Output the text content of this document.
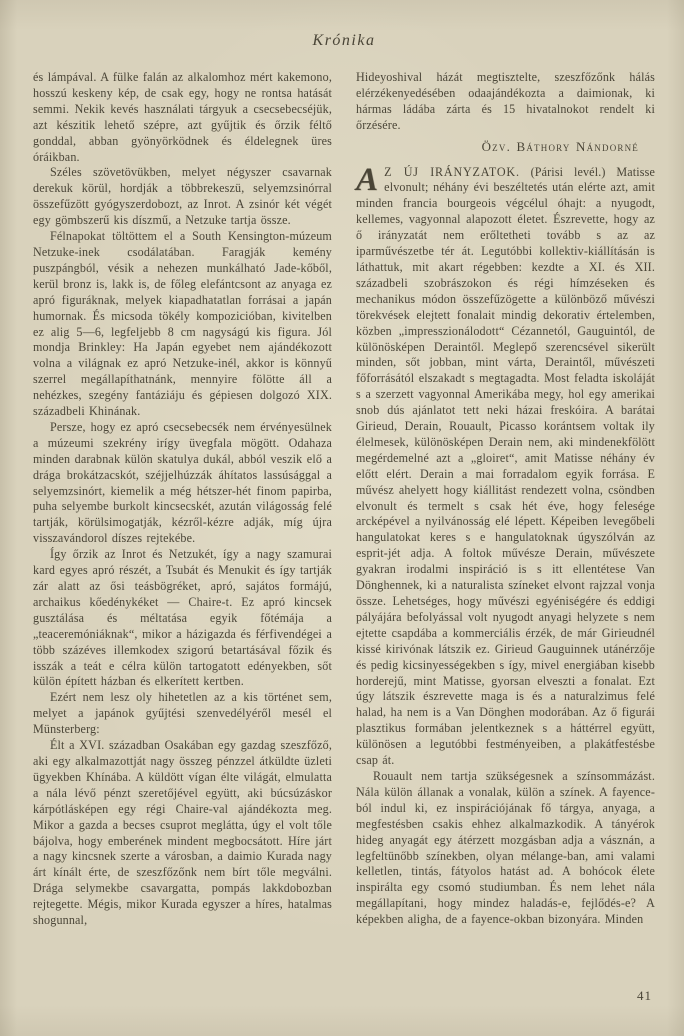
Krónika

és lámpával. A fülke falán az alkalomhoz mért kakemono, hosszú keskeny kép, de csak egy, hogy ne rontsa hatását semmi. Nekik kevés használati tárgyuk a csecsebecséjük, azt készitik lehető szépre, azt gyűjtik és őrzik féltő gonddal, abban gyönyörködnek és éldelegnek üres óráikban.

Széles szövetövükben, melyet négyszer csavarnak derekuk körül, hordják a többrekeszü, selyemzsinórral összefűzött gyógyszerdobozt, az Inrot. A zsinór két végét egy gömbszerű kis díszmű, a Netzuke tartja össze.

Félnapokat töltöttem el a South Kensington-múzeum Netzuke-inek csodálatában. Faragják kemény puszpángból, vésik a nehezen munkálható Jade-kőből, kerül bronz is, lakk is, de főleg elefántcsont az anyaga ez apró figuráknak, melyek kiapadhatatlan forrásai a japán humornak. És micsoda tökély kompozicióban, kivitelben ez alig 5—6, legfeljebb 8 cm nagyságú kis figura. Jól mondja Brinkley: Ha Japán egyebet nem ajándékozott volna a világnak ez apró Netzuke-inél, akkor is könnyű szerrel megállapíthatnánk, mennyire fölötte áll a nehézkes, szegény fantáziáju és gépiesen dolgozó XIX. századbeli Khinának.

Persze, hogy ez apró csecsebecsék nem érvényesülnek a múzeumi szekrény irígy üvegfala mögött. Odahaza minden darabnak külön skatulya dukál, abból veszik elő a drága brokátzacskót, széjjelhúzzák áhítatos lassúsággal a selyemzsinórt, kiemelik a még hétszer-hét finom papirba, puha selyembe burkolt kincsecskét, azután világosság felé tartják, körülsimogatják, kézről-kézre adják, míg újra visszavándorol díszes rejtekébe.

Így őrzik az Inrot és Netzukét, így a nagy szamurai kard egyes apró részét, a Tsubát és Menukit és így tartják zár alatt az ősi teásbögréket, apró, sajátos formájú, archaikus kőedénykéket — Chaire-t. Ez apró kincsek gusztálása és méltatása egyik főtémája a „teaceremóniáknak“, mikor a házigazda és férfivendégei a több százéves illemkodex szigorú betartásával főzik és isszák a teát e célra külön tartogatott edényekben, sőt külön épített házban és elkerített kertben.

Ezért nem lesz oly hihetetlen az a kis történet sem, melyet a japánok gyűjtési szenvedélyéről mesél el Münsterberg:

Élt a XVI. században Osakában egy gazdag szeszfőző, aki egy alkalmazottját nagy összeg pénzzel átküldte üzleti ügyekben Khínába. A küldött vígan élte világát, elmulatta a nála lévő pénzt szeretőjével együtt, aki búcsúzáskor kárpótlásképen egy régi Chaire-val ajándékozta meg. Mikor a gazda a becses csuprot meglátta, úgy el volt tőle bájolva, hogy emberének mindent megbocsátott. Híre járt a nagy kincsnek szerte a városban, a daimio Kurada nagy árt kínált érte, de szeszfőzőnk nem bírt tőle megválni. Drága selymekbe csavargatta, pompás lakkdobozban rejtegette. Mégis, mikor Kurada egyszer a híres, hatalmas shogunnal,

Hideyoshival házát megtisztelte, szeszfőzőnk hálás elérzékenyedésében odaajándékozta a daimionak, ki hármas ládába zárta és 15 hivatalnokot rendelt ki őrzésére.

Özv. Báthory Nándorné

A Z ÚJ IRÁNYZATOK. (Párisi levél.) Matisse elvonult; néhány évi beszéltetés után elérte azt, amit minden francia bourgeois végcélul óhajt: a nyugodt, kellemes, vagyonnal alapozott életet. Észrevette, hogy az ő irányzatát nem erőltetheti tovább s az az iparművészetbe tér át. Legutóbbi kollektiv-kiállításán is láthattuk, mit akart régebben: kezdte a XI. és XII. századbeli szobrászokon és régi hímzéseken és mechanikus módon összefűzögette a különböző művészi törekvések elejtett fonalait mindig dekorativ értelemben, közben „impresszionálodott“ Cézannetól, Gauguintól, de különösképen Deraintől. Meglepő szerencsével sikerült minden, sőt jobban, mint várta, Deraintől, művészeti főforrásától elszakadt s megtagadta. Most feladta iskoláját s a szerzett vagyonnal Amerikába megy, hol egy amerikai snob dús ajánlatot tett neki házai freskóira. A barátai Girieud, Derain, Rouault, Picasso korántsem voltak ily élelmesek, különösképen Derain nem, aki mindenekfölött megérdemelné azt a „gloiret“, amit Matisse néhány év előtt elért. Derain a mai forradalom egyik forrása. E művész ahelyett hogy kiállitást rendezett volna, csöndben elvonult és termelt s csak hét éve, hogy felesége arcképével a nyilvánosság elé lépett. Képeiben levegőbeli hangulatokat keres s e hangulatoknak úgyszólván az esprit-jét adja. A foltok művésze Derain, művészete gyakran irodalmi inspiráció is s itt ellentétese Van Dönghennek, ki a naturalista színeket elvont rajzzal vonja össze. Lehetséges, hogy művészi egyéniségére és eddigi pályájára befolyással volt nyugodt anyagi helyzete s nem ejtette csapdába a kommerciális érzék, de már Girieudnél kissé kirivónak látszik ez. Girieud Gauguinnek utánérzője és pedig kicsinyességekben s így, mivel energiában kisebb horderejű, mint Matisse, gyorsan elveszti a fonalat. Ezt úgy látszik észrevette maga is és a naturalzimus felé halad, ha nem is a Van Dönghen modorában. Az ő figurái plasztikus formában jelentkeznek s a háttérrel együtt, különösen a legutóbbi festményeiben, a plakátfestésbe csap át.

Rouault nem tartja szükségesnek a színsommázást. Nála külön állanak a vonalak, külön a színek. A fayence-ból indul ki, ez inspirációjának fő tárgya, anyaga, a megfestésben csakis ehhez alkalmazkodik. A tányérok hideg anyagát egy átérzett mozgásban adja a vásznán, a legfeltünőbb színekben, olyan mélange-ban, ami valami kelletlen, tintás, fátyolos hatást ad. A bohócok élete inspirálta egy csomó studiumban. És nem lehet nála megállapítani, hogy mindez haladás-e, fejlődés-e? A képekben aligha, de a fayence-okban bizonyára. Minden

41
